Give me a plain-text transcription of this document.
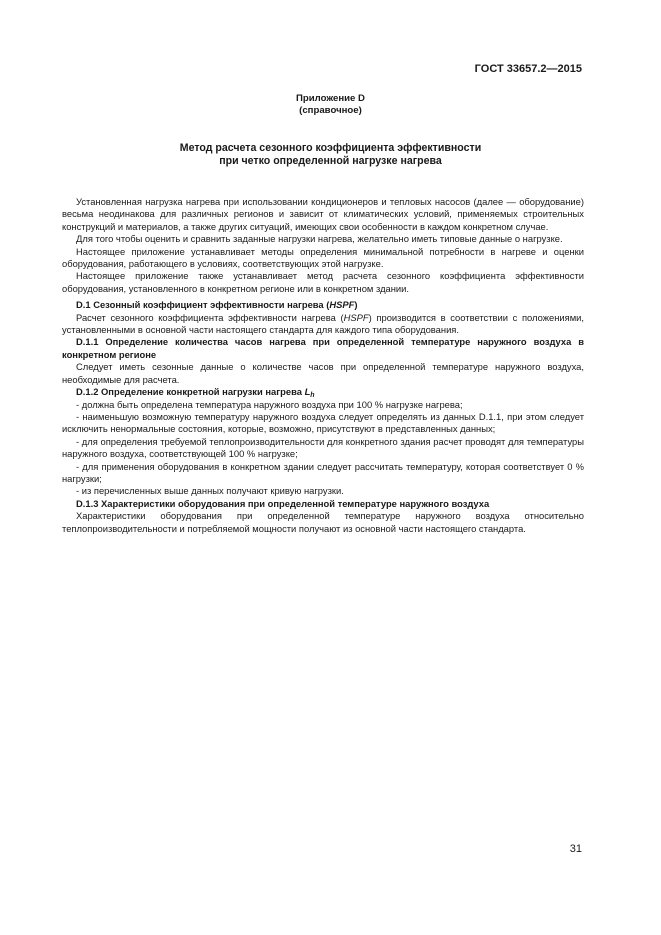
ГОСТ 33657.2—2015
Приложение D
(справочное)
Метод расчета сезонного коэффициента эффективности
при четко определенной нагрузке нагрева

Установленная нагрузка нагрева при использовании кондиционеров и тепловых насосов (далее — оборудование) весьма неодинакова для различных регионов и зависит от климатических условий, применяемых строительных конструкций и материалов, а также других ситуаций, имеющих свои особенности в каждом конкретном случае.

Для того чтобы оценить и сравнить заданные нагрузки нагрева, желательно иметь типовые данные о нагрузке.

Настоящее приложение устанавливает методы определения минимальной потребности в нагреве и оценки оборудования, работающего в условиях, соответствующих этой нагрузке.

Настоящее приложение также устанавливает метод расчета сезонного коэффициента эффективности оборудования, установленного в конкретном регионе или в конкретном здании.

D.1 Сезонный коэффициент эффективности нагрева (HSPF)

Расчет сезонного коэффициента эффективности нагрева (HSPF) производится в соответствии с положениями, установленными в основной части настоящего стандарта для каждого типа оборудования.

D.1.1 Определение количества часов нагрева при определенной температуре наружного воздуха в конкретном регионе

Следует иметь сезонные данные о количестве часов при определенной температуре наружного воздуха, необходимые для расчета.

D.1.2 Определение конкретной нагрузки нагрева $L_h$

- должна быть определена температура наружного воздуха при 100 % нагрузке нагрева;

- наименьшую возможную температуру наружного воздуха следует определять из данных D.1.1, при этом следует исключить ненормальные состояния, которые, возможно, присутствуют в представленных данных;

- для определения требуемой теплопроизводительности для конкретного здания расчет проводят для температуры наружного воздуха, соответствующей 100 % нагрузке;

- для применения оборудования в конкретном здании следует рассчитать температуру, которая соответствует 0 % нагрузки;

- из перечисленных выше данных получают кривую нагрузки.

D.1.3 Характеристики оборудования при определенной температуре наружного воздуха

Характеристики оборудования при определенной температуре наружного воздуха относительно теплопроизводительности и потребляемой мощности получают из основной части настоящего стандарта.

31
